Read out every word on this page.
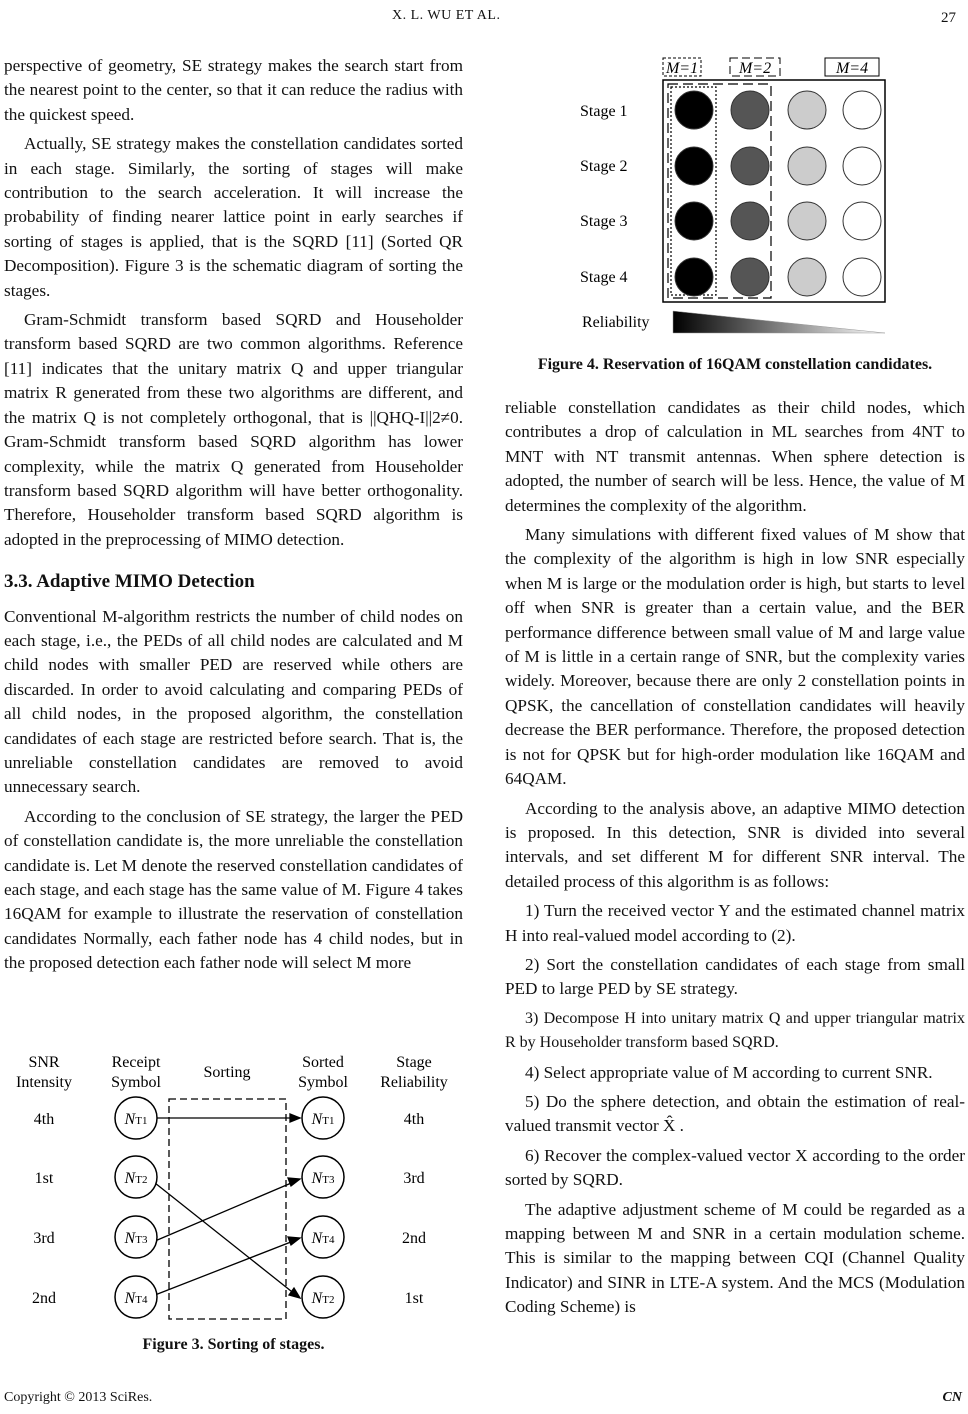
X. L. WU ET AL.	27

perspective of geometry, SE strategy makes the search start from the nearest point to the center, so that it can reduce the radius with the quickest speed.

Actually, SE strategy makes the constellation candidates sorted in each stage. Similarly, the sorting of stages will make contribution to the search acceleration. It will increase the probability of finding nearer lattice point in early searches if sorting of stages is applied, that is the SQRD [11] (Sorted QR Decomposition). Figure 3 is the schematic diagram of sorting the stages.

Gram-Schmidt transform based SQRD and Householder transform based SQRD are two common algorithms. Reference [11] indicates that the unitary matrix Q and upper triangular matrix R generated from these two algorithms are different, and the matrix Q is not completely orthogonal, that is ||QHQ-I||2≠0. Gram-Schmidt transform based SQRD algorithm has lower complexity, while the matrix Q generated from Householder transform based SQRD algorithm will have better orthogonality. Therefore, Householder transform based SQRD algorithm is adopted in the preprocessing of MIMO detection.

3.3. Adaptive MIMO Detection

Conventional M-algorithm restricts the number of child nodes on each stage, i.e., the PEDs of all child nodes are calculated and M child nodes with smaller PED are reserved while others are discarded. In order to avoid calculating and comparing PEDs of all child nodes, in the proposed algorithm, the constellation candidates of each stage are restricted before search. That is, the unreliable constellation candidates are removed to avoid unnecessary search.

According to the conclusion of SE strategy, the larger the PED of constellation candidate is, the more unreliable the constellation candidate is. Let M denote the reserved constellation candidates of each stage, and each stage has the same value of M. Figure 4 takes 16QAM for example to illustrate the reservation of constellation candidates Normally, each father node has 4 child nodes, but in the proposed detection each father node will select M more

SNR
Intensity
Receipt
Symbol
Sorting
Sorted
Symbol
Stage
Reliability
4th	NT1	NT1	4th
1st	NT2	NT3	3rd
3rd	NT3	NT4	2nd
2nd	NT4	NT2	1st
Figure 3. Sorting of stages.
M=1	M=2	M=4
Stage 1
Stage 2
Stage 3
Stage 4
Reliability
Figure 4. Reservation of 16QAM constellation candidates.

reliable constellation candidates as their child nodes, which contributes a drop of calculation in ML searches from 4NT to MNT with NT transmit antennas. When sphere detection is adopted, the number of search will be less. Hence, the value of M determines the complexity of the algorithm.

Many simulations with different fixed values of M show that the complexity of the algorithm is high in low SNR especially when M is large or the modulation order is high, but starts to level off when SNR is greater than a certain value, and the BER performance difference between small value of M and large value of M is little in a certain range of SNR, but the complexity varies widely. Moreover, because there are only 2 constellation points in QPSK, the cancellation of constellation candidates will heavily decrease the BER performance. Therefore, the proposed detection is not for QPSK but for high-order modulation like 16QAM and 64QAM.

According to the analysis above, an adaptive MIMO detection is proposed. In this detection, SNR is divided into several intervals, and set different M for different SNR interval. The detailed process of this algorithm is as follows:

1) Turn the received vector Y and the estimated channel matrix H into real-valued model according to (2).

2) Sort the constellation candidates of each stage from small PED to large PED by SE strategy.

3) Decompose H into unitary matrix Q and upper triangular matrix R by Householder transform based SQRD.

4) Select appropriate value of M according to current SNR.

5) Do the sphere detection, and obtain the estimation of real-valued transmit vector X̂ .

6) Recover the complex-valued vector X according to the order sorted by SQRD.

The adaptive adjustment scheme of M could be regarded as a mapping between M and SNR in a certain modulation scheme. This is similar to the mapping between CQI (Channel Quality Indicator) and SINR in LTE-A system. And the MCS (Modulation Coding Scheme) is

Copyright © 2013 SciRes.	CN
